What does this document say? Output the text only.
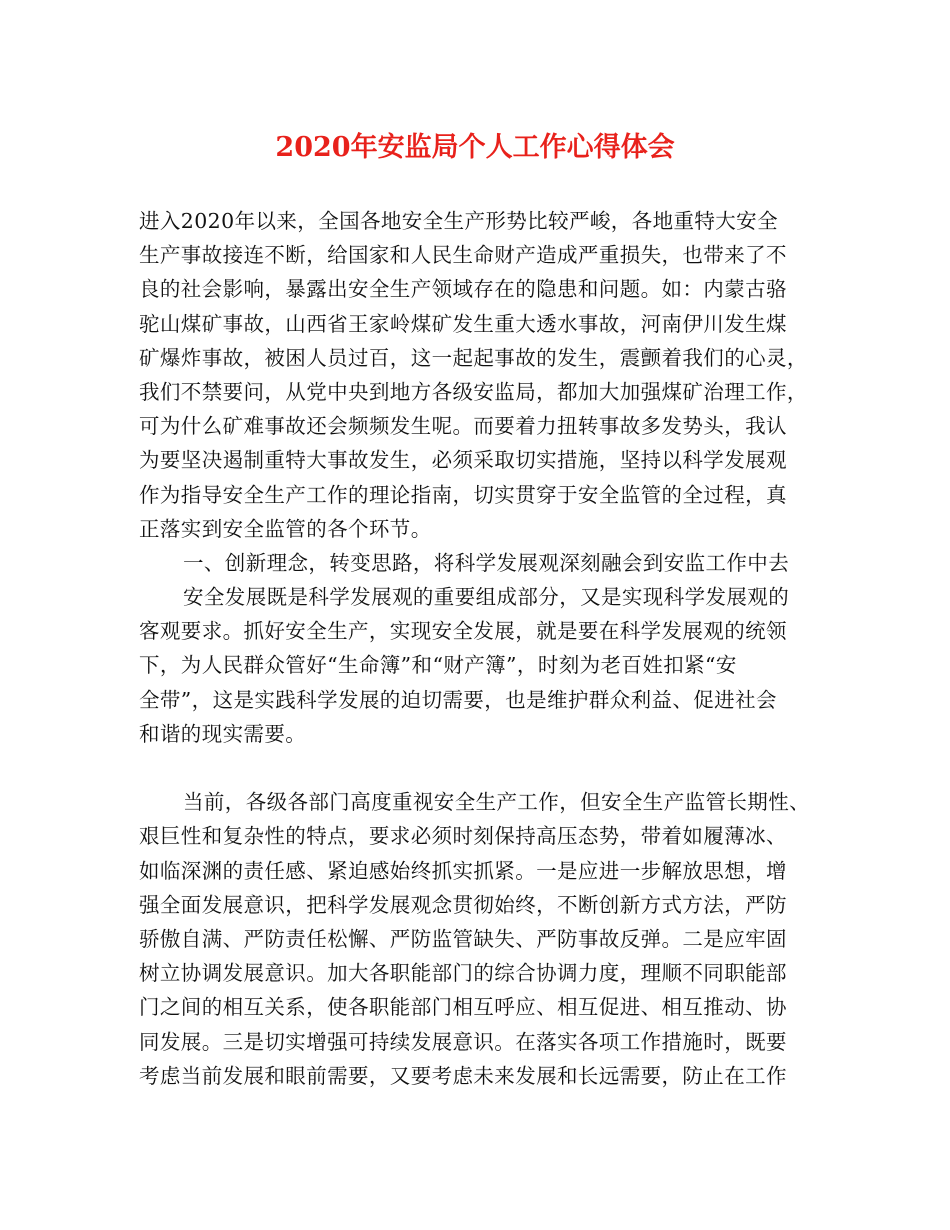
2020年安监局个人工作心得体会
进入2020年以来，全国各地安全生产形势比较严峻，各地重特大安全
生产事故接连不断，给国家和人民生命财产造成严重损失，也带来了不
良的社会影响，暴露出安全生产领域存在的隐患和问题。如：内蒙古骆
驼山煤矿事故，山西省王家岭煤矿发生重大透水事故，河南伊川发生煤
矿爆炸事故，被困人员过百，这一起起事故的发生，震颤着我们的心灵，
我们不禁要问，从党中央到地方各级安监局，都加大加强煤矿治理工作，
可为什么矿难事故还会频频发生呢。而要着力扭转事故多发势头，我认
为要坚决遏制重特大事故发生，必须采取切实措施，坚持以科学发展观
作为指导安全生产工作的理论指南，切实贯穿于安全监管的全过程，真
正落实到安全监管的各个环节。
一、创新理念，转变思路，将科学发展观深刻融会到安监工作中去
安全发展既是科学发展观的重要组成部分，又是实现科学发展观的
客观要求。抓好安全生产，实现安全发展，就是要在科学发展观的统领
下，为人民群众管好“生命簿”和“财产簿”，时刻为老百姓扣紧“安
全带”，这是实践科学发展的迫切需要，也是维护群众利益、促进社会
和谐的现实需要。
当前，各级各部门高度重视安全生产工作，但安全生产监管长期性、
艰巨性和复杂性的特点，要求必须时刻保持高压态势，带着如履薄冰、
如临深渊的责任感、紧迫感始终抓实抓紧。一是应进一步解放思想，增
强全面发展意识，把科学发展观念贯彻始终，不断创新方式方法，严防
骄傲自满、严防责任松懈、严防监管缺失、严防事故反弹。二是应牢固
树立协调发展意识。加大各职能部门的综合协调力度，理顺不同职能部
门之间的相互关系，使各职能部门相互呼应、相互促进、相互推动、协
同发展。三是切实增强可持续发展意识。在落实各项工作措施时，既要
考虑当前发展和眼前需要，又要考虑未来发展和长远需要，防止在工作
